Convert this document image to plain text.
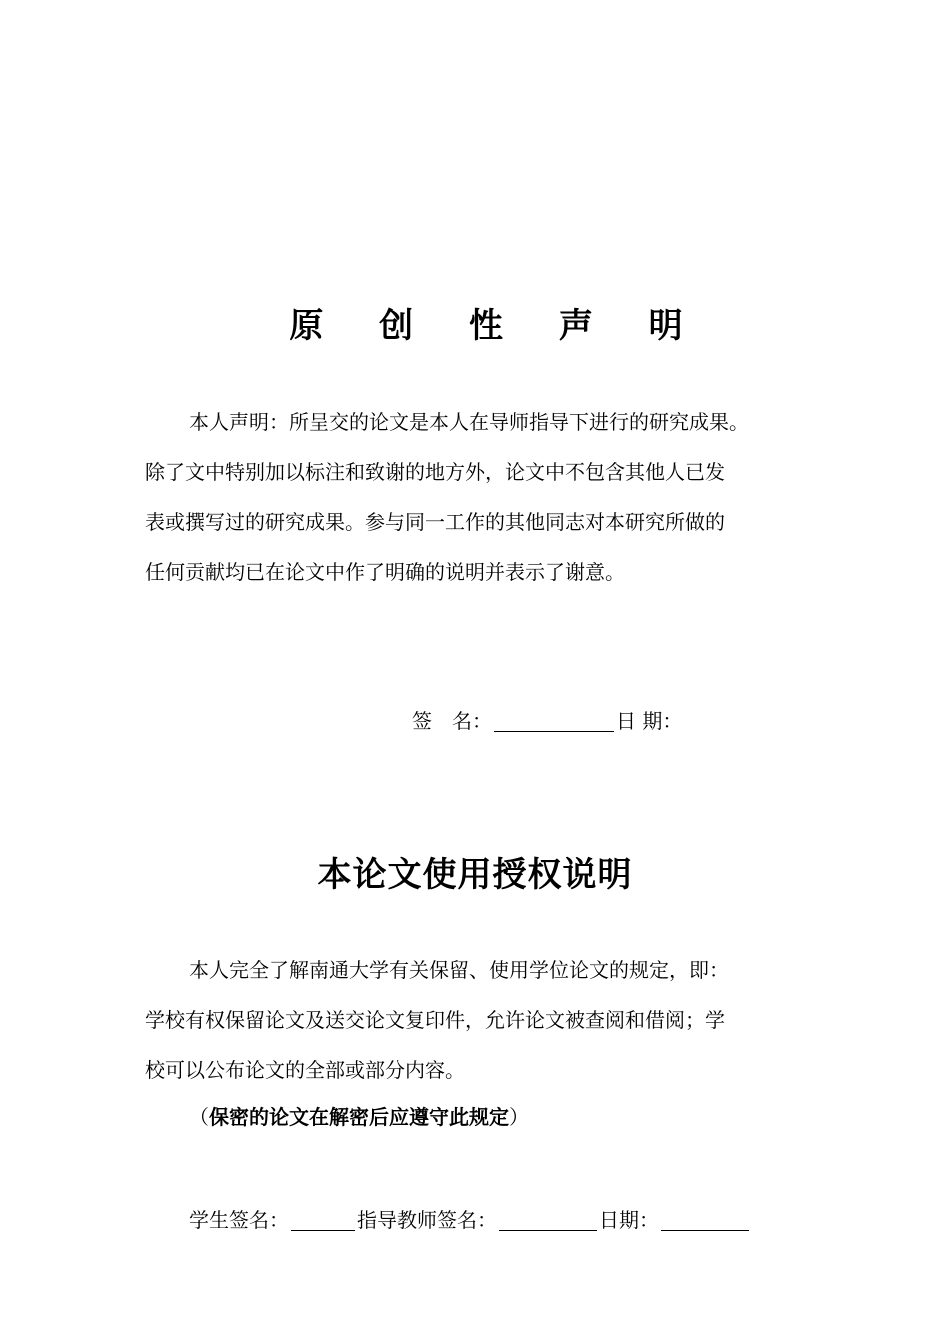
原 创 性 声 明
本人声明：所呈交的论文是本人在导师指导下进行的研究成果。
除了文中特别加以标注和致谢的地方外，论文中不包含其他人已发
表或撰写过的研究成果。参与同一工作的其他同志对本研究所做的
任何贡献均已在论文中作了明确的说明并表示了谢意。
签　名：	日 期：
本论文使用授权说明
本人完全了解南通大学有关保留、使用学位论文的规定，即：
学校有权保留论文及送交论文复印件，允许论文被查阅和借阅；学
校可以公布论文的全部或部分内容。
（保密的论文在解密后应遵守此规定）
学生签名：	指导教师签名：	日期：
